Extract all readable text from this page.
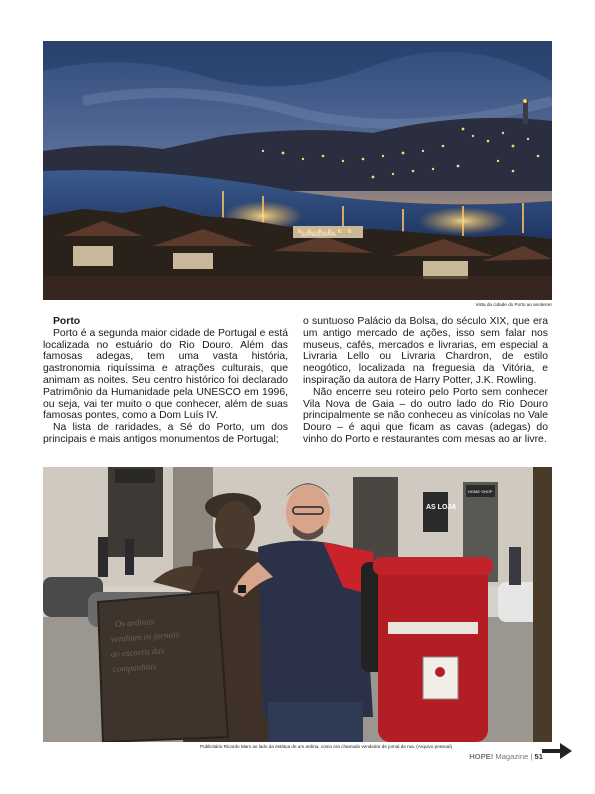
SANDEMAN
Vista da cidade do Porto ao anoitecer
Porto

Porto é a segunda maior cidade de Portugal e está localizada no estuário do Rio Douro. Além das famosas adegas, tem uma vasta história, gastronomia riquíssima e atrações culturais, que animam as noites. Seu centro histórico foi declarado Patrimônio da Humanidade pela UNESCO em 1996, ou seja, vai ter muito o que conhecer, além de suas famosas pontes, como a Dom Luís IV.

Na lista de raridades, a Sé do Porto, um dos principais e mais antigos monumentos de Portugal;

o suntuoso Palácio da Bolsa, do século XIX, que era um antigo mercado de ações, isso sem falar nos museus, cafés, mercados e livrarias, em especial a Livraria Lello ou Livraria Chardron, de estilo neogótico, localizada na freguesia da Vitória, e inspiração da autora de Harry Potter, J.K. Rowling.

Não encerre seu roteiro pelo Porto sem conhecer Vila Nova de Gaia – do outro lado do Rio Douro principalmente se não conheceu as vinícolas no Vale Douro – é aqui que ficam as cavas (adegas) do vinho do Porto e restaurantes com mesas ao ar livre.

AS LOJA
HOME SHOP
Os ardinas
vendiam os jornais
ao escorra das
companhias
Publicitário Ricardo Marx ao lado da estátua de um ardina, como era chamado vendedor de jornal de rua. (Arquivo pessoal)
HOPE! Magazine | 51
